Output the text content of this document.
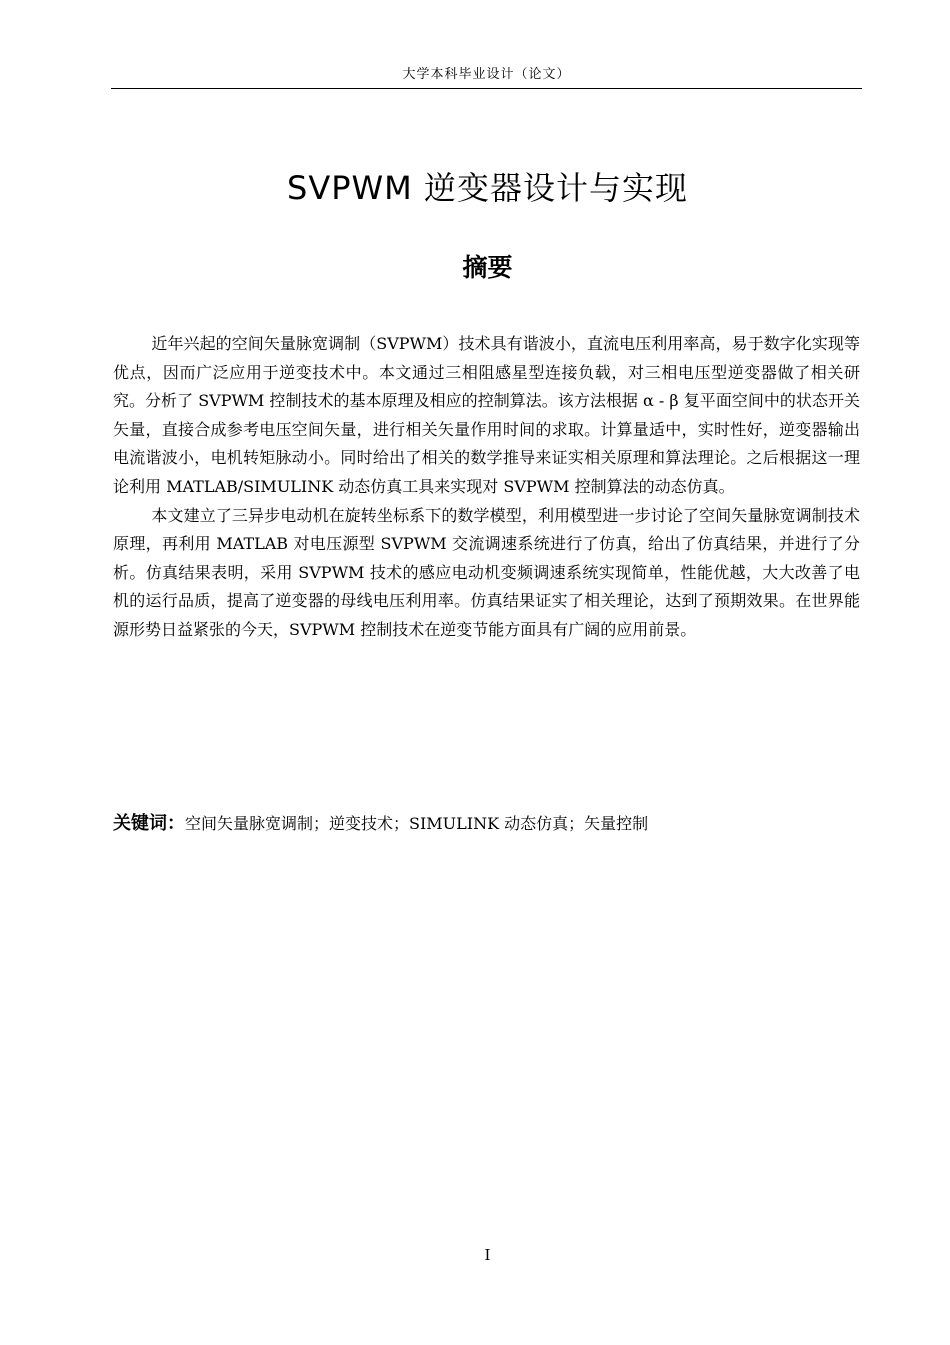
大学本科毕业设计（论文）
SVPWM 逆变器设计与实现
摘要

近年兴起的空间矢量脉宽调制（SVPWM）技术具有谐波小，直流电压利用率高，易于数字化实现等优点，因而广泛应用于逆变技术中。本文通过三相阻感星型连接负载，对三相电压型逆变器做了相关研究。分析了 SVPWM 控制技术的基本原理及相应的控制算法。该方法根据 α - β 复平面空间中的状态开关矢量，直接合成参考电压空间矢量，进行相关矢量作用时间的求取。计算量适中，实时性好，逆变器输出电流谐波小，电机转矩脉动小。同时给出了相关的数学推导来证实相关原理和算法理论。之后根据这一理论利用 MATLAB/SIMULINK 动态仿真工具来实现对 SVPWM 控制算法的动态仿真。

本文建立了三异步电动机在旋转坐标系下的数学模型，利用模型进一步讨论了空间矢量脉宽调制技术原理，再利用 MATLAB 对电压源型 SVPWM 交流调速系统进行了仿真，给出了仿真结果，并进行了分析。仿真结果表明，采用 SVPWM 技术的感应电动机变频调速系统实现简单，性能优越，大大改善了电机的运行品质，提高了逆变器的母线电压利用率。仿真结果证实了相关理论，达到了预期效果。在世界能源形势日益紧张的今天，SVPWM 控制技术在逆变节能方面具有广阔的应用前景。

关键词：空间矢量脉宽调制；逆变技术；SIMULINK 动态仿真；矢量控制
I
